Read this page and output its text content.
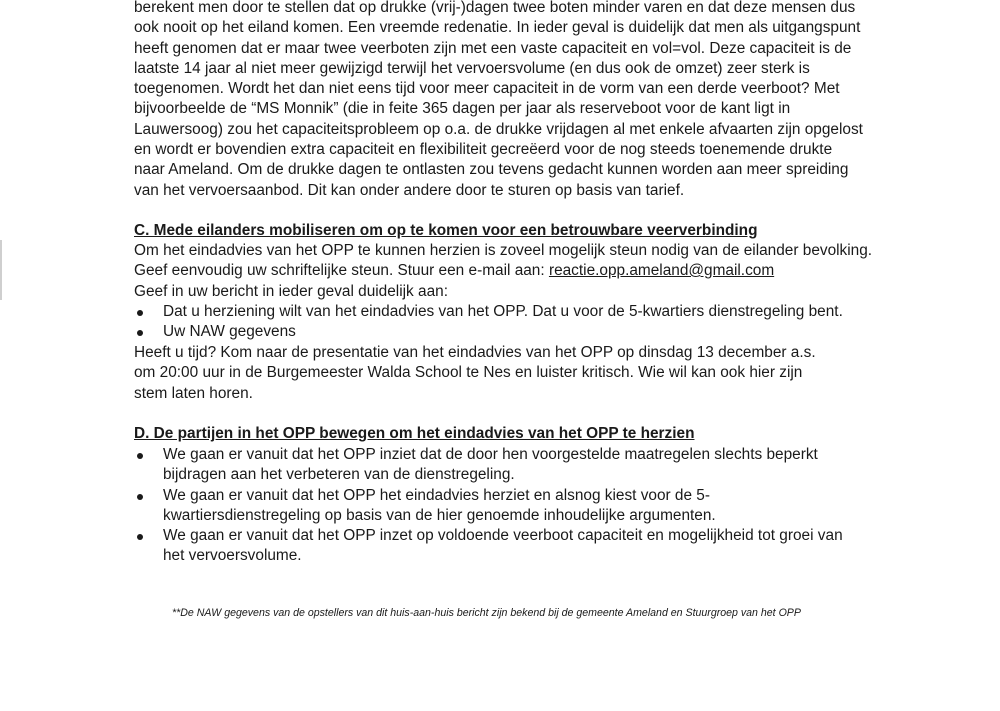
berekent men door te stellen dat op drukke (vrij-)dagen twee boten minder varen en dat deze mensen dus ook nooit op het eiland komen. Een vreemde redenatie. In ieder geval is duidelijk dat men als uitgangspunt heeft genomen dat er maar twee veerboten zijn met een vaste capaciteit en vol=vol. Deze capaciteit is de laatste 14 jaar al niet meer gewijzigd terwijl het vervoersvolume (en dus ook de omzet) zeer sterk is toegenomen. Wordt het dan niet eens tijd voor meer capaciteit in de vorm van een derde veerboot? Met bijvoorbeelde de “MS Monnik” (die in feite 365 dagen per jaar als reserveboot voor de kant ligt in Lauwersoog) zou het capaciteitsprobleem op o.a. de drukke vrijdagen al met enkele afvaarten zijn opgelost en wordt er bovendien extra capaciteit en flexibiliteit gecreëerd voor de nog steeds toenemende drukte naar Ameland. Om de drukke dagen te ontlasten zou tevens gedacht kunnen worden aan meer spreiding van het vervoersaanbod. Dit kan onder andere door te sturen op basis van tarief.

C. Mede eilanders mobiliseren om op te komen voor een betrouwbare veerverbinding

Om het eindadvies van het OPP te kunnen herzien is zoveel mogelijk steun nodig van de eilander bevolking.

Geef eenvoudig uw schriftelijke steun. Stuur een e-mail aan: reactie.opp.ameland@gmail.com

Geef in uw bericht in ieder geval duidelijk aan:

Dat u herziening wilt van het eindadvies van het OPP. Dat u voor de 5-kwartiers dienstregeling bent.
Uw NAW gegevens

Heeft u tijd? Kom naar de presentatie van het eindadvies van het OPP op dinsdag 13 december a.s. om 20:00 uur in de Burgemeester Walda School te Nes en luister kritisch. Wie wil kan ook hier zijn stem laten horen.

D. De partijen in het OPP bewegen om het eindadvies van het OPP te herzien

We gaan er vanuit dat het OPP inziet dat de door hen voorgestelde maatregelen slechts beperkt bijdragen aan het verbeteren van de dienstregeling.
We gaan er vanuit dat het OPP het eindadvies herziet en alsnog kiest voor de 5-kwartiersdienstregeling op basis van de hier genoemde inhoudelijke argumenten.
We gaan er vanuit dat het OPP inzet op voldoende veerboot capaciteit en mogelijkheid tot groei van het vervoersvolume.

**De NAW gegevens van de opstellers van dit huis-aan-huis bericht zijn bekend bij de gemeente Ameland en Stuurgroep van het OPP
